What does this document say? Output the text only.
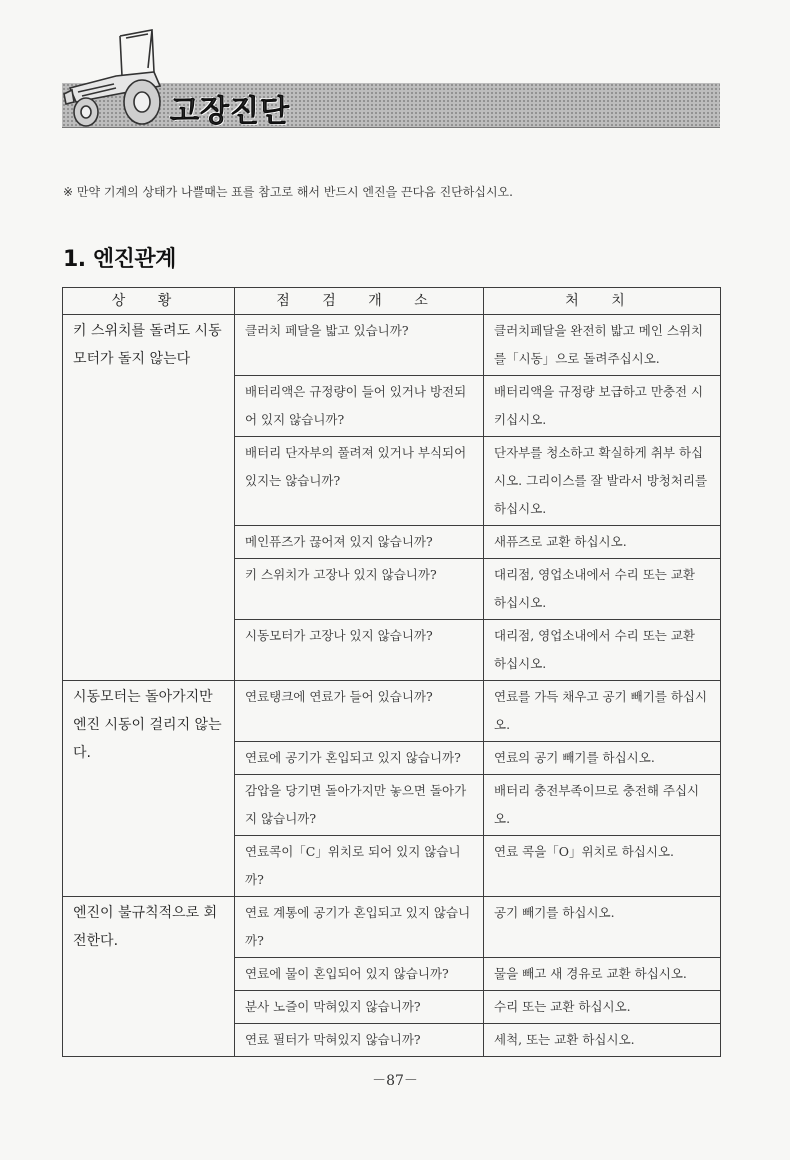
고장진단
※ 만약 기계의 상태가 나쁠때는 표를 참고로 해서 반드시 엔진을 끈다음 진단하십시오.
1. 엔진관계
상 황	점 검 개 소	처 치
키 스위치를 돌려도 시동모터가 돌지 않는다	클러치 페달을 밟고 있습니까?	클러치페달을 완전히 밟고 메인 스위치를「시동」으로 돌려주십시오.
	배터리액은 규정량이 들어 있거나 방전되어 있지 않습니까?	배터리액을 규정량 보급하고 만충전 시키십시오.
	배터리 단자부의 풀려져 있거나 부식되어 있지는 않습니까?	단자부를 청소하고 확실하게 취부 하십시오. 그리이스를 잘 발라서 방청처리를 하십시오.
	메인퓨즈가 끊어져 있지 않습니까?	새퓨즈로 교환 하십시오.
	키 스위치가 고장나 있지 않습니까?	대리점, 영업소내에서 수리 또는 교환 하십시오.
	시동모터가 고장나 있지 않습니까?	대리점, 영업소내에서 수리 또는 교환 하십시오.
시동모터는 돌아가지만 엔진 시동이 걸리지 않는다.	연료탱크에 연료가 들어 있습니까?	연료를 가득 채우고 공기 빼기를 하십시오.
	연료에 공기가 혼입되고 있지 않습니까?	연료의 공기 빼기를 하십시오.
	감압을 당기면 돌아가지만 놓으면 돌아가지 않습니까?	배터리 충전부족이므로 충전해 주십시오.
	연료콕이「C」위치로 되어 있지 않습니까?	연료 콕을「O」위치로 하십시오.
엔진이 불규칙적으로 회전한다.	연료 계통에 공기가 혼입되고 있지 않습니까?	공기 빼기를 하십시오.
	연료에 물이 혼입되어 있지 않습니까?	물을 빼고 새 경유로 교환 하십시오.
	분사 노즐이 막혀있지 않습니까?	수리 또는 교환 하십시오.
	연료 필터가 막혀있지 않습니까?	세척, 또는 교환 하십시오.
－87－
